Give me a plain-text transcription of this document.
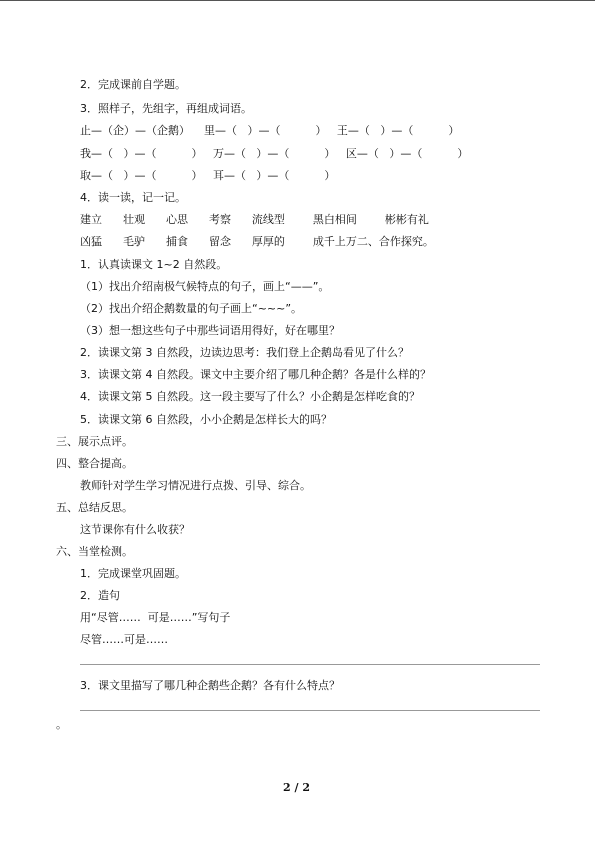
2．完成课前自学题。
3．照样子，先组字，再组成词语。
止—（企）—（企鹅）    里—（   ）—（          ）   王—（   ）—（          ）
我—（   ）—（          ）   万—（   ）—（          ）   区—（   ）—（          ）
取—（   ）—（          ）   耳—（   ）—（          ）
4．读一读，记一记。
建立      壮观      心思      考察      流线型        黑白相间        彬彬有礼
凶猛      毛驴      捕食      留念      厚厚的        成千上万二、合作探究。
1．认真读课文 1~2 自然段。
（1）找出介绍南极气候特点的句子，画上“——”。
（2）找出介绍企鹅数量的句子画上“~~~”。
（3）想一想这些句子中那些词语用得好，好在哪里？
2．读课文第 3 自然段，边读边思考：我们登上企鹅岛看见了什么？
3．读课文第 4 自然段。课文中主要介绍了哪几种企鹅？各是什么样的？
4．读课文第 5 自然段。这一段主要写了什么？小企鹅是怎样吃食的？
5．读课文第 6 自然段，小小企鹅是怎样长大的吗？
三、展示点评。
四、整合提高。
教师针对学生学习情况进行点拨、引导、综合。
五、总结反思。
这节课你有什么收获？
六、当堂检测。
1．完成课堂巩固题。
2．造句
用“尽管……  可是……”写句子
尽管……可是……
3．课文里描写了哪几种企鹅些企鹅？各有什么特点？
。
2 / 2
